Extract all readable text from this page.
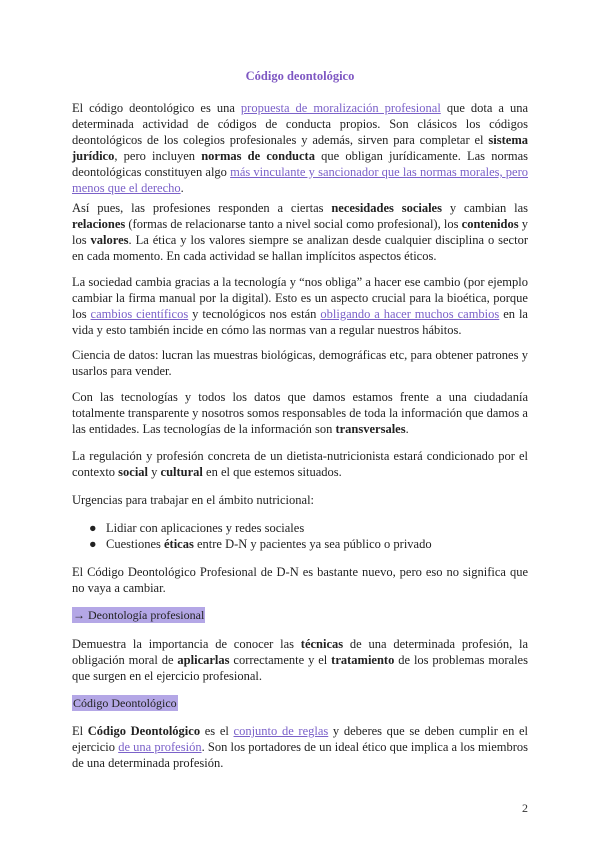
Código deontológico

El código deontológico es una propuesta de moralización profesional que dota a una determinada actividad de códigos de conducta propios. Son clásicos los códigos deontológicos de los colegios profesionales y además, sirven para completar el sistema jurídico, pero incluyen normas de conducta que obligan jurídicamente. Las normas deontológicas constituyen algo más vinculante y sancionador que las normas morales, pero menos que el derecho.

Así pues, las profesiones responden a ciertas necesidades sociales y cambian las relaciones (formas de relacionarse tanto a nivel social como profesional), los contenidos y los valores. La ética y los valores siempre se analizan desde cualquier disciplina o sector en cada momento. En cada actividad se hallan implícitos aspectos éticos.

La sociedad cambia gracias a la tecnología y “nos obliga” a hacer ese cambio (por ejemplo cambiar la firma manual por la digital). Esto es un aspecto crucial para la bioética, porque los cambios científicos y tecnológicos nos están obligando a hacer muchos cambios en la vida y esto también incide en cómo las normas van a regular nuestros hábitos.

Ciencia de datos: lucran las muestras biológicas, demográficas etc, para obtener patrones y usarlos para vender.

Con las tecnologías y todos los datos que damos estamos frente a una ciudadanía totalmente transparente y nosotros somos responsables de toda la información que damos a las entidades. Las tecnologías de la información son transversales.

La regulación y profesión concreta de un dietista-nutricionista estará condicionado por el contexto social y cultural en el que estemos situados.

Urgencias para trabajar en el ámbito nutricional:

● Lidiar con aplicaciones y redes sociales
● Cuestiones éticas entre D-N y pacientes ya sea público o privado

El Código Deontológico Profesional de D-N es bastante nuevo, pero eso no significa que no vaya a cambiar.

→ Deontología profesional

Demuestra la importancia de conocer las técnicas de una determinada profesión, la obligación moral de aplicarlas correctamente y el tratamiento de los problemas morales que surgen en el ejercicio profesional.

Código Deontológico

El Código Deontológico es el conjunto de reglas y deberes que se deben cumplir en el ejercicio de una profesión. Son los portadores de un ideal ético que implica a los miembros de una determinada profesión.

2
